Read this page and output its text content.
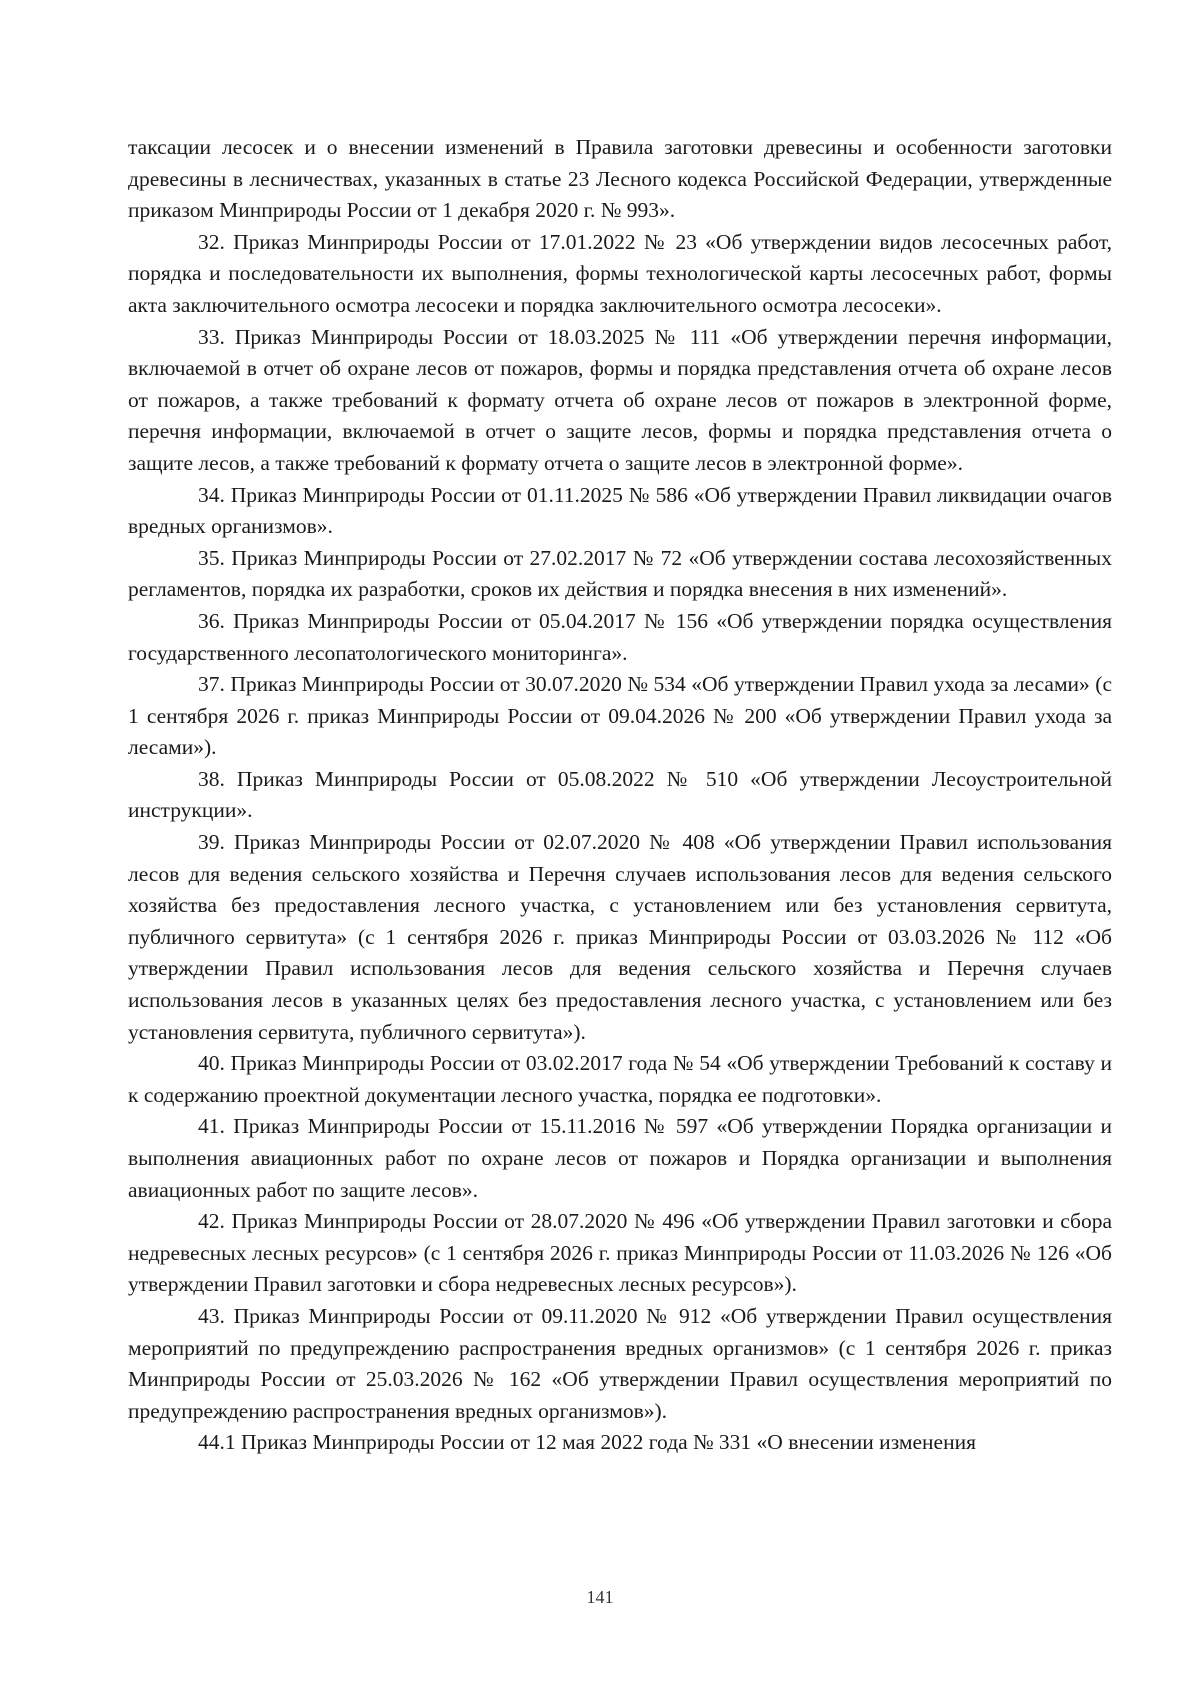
таксации лесосек и о внесении изменений в Правила заготовки древесины и особенности заготовки древесины в лесничествах, указанных в статье 23 Лесного кодекса Российской Федерации, утвержденные приказом Минприроды России от 1 декабря 2020 г. № 993».

32. Приказ Минприроды России от 17.01.2022 № 23 «Об утверждении видов лесосечных работ, порядка и последовательности их выполнения, формы технологической карты лесосечных работ, формы акта заключительного осмотра лесосеки и порядка заключительного осмотра лесосеки».

33. Приказ Минприроды России от 18.03.2025 № 111 «Об утверждении перечня информации, включаемой в отчет об охране лесов от пожаров, формы и порядка представления отчета об охране лесов от пожаров, а также требований к формату отчета об охране лесов от пожаров в электронной форме, перечня информации, включаемой в отчет о защите лесов, формы и порядка представления отчета о защите лесов, а также требований к формату отчета о защите лесов в электронной форме».

34. Приказ Минприроды России от 01.11.2025 № 586 «Об утверждении Правил ликвидации очагов вредных организмов».

35. Приказ Минприроды России от 27.02.2017 № 72 «Об утверждении состава лесохозяйственных регламентов, порядка их разработки, сроков их действия и порядка внесения в них изменений».

36. Приказ Минприроды России от 05.04.2017 № 156 «Об утверждении порядка осуществления государственного лесопатологического мониторинга».

37. Приказ Минприроды России от 30.07.2020 № 534 «Об утверждении Правил ухода за лесами» (с 1 сентября 2026 г. приказ Минприроды России от 09.04.2026 № 200 «Об утверждении Правил ухода за лесами»).

38. Приказ Минприроды России от 05.08.2022 № 510 «Об утверждении Лесоустроительной инструкции».

39. Приказ Минприроды России от 02.07.2020 № 408 «Об утверждении Правил использования лесов для ведения сельского хозяйства и Перечня случаев использования лесов для ведения сельского хозяйства без предоставления лесного участка, с установлением или без установления сервитута, публичного сервитута» (с 1 сентября 2026 г. приказ Минприроды России от 03.03.2026 № 112 «Об утверждении Правил использования лесов для ведения сельского хозяйства и Перечня случаев использования лесов в указанных целях без предоставления лесного участка, с установлением или без установления сервитута, публичного сервитута»).

40. Приказ Минприроды России от 03.02.2017 года № 54 «Об утверждении Требований к составу и к содержанию проектной документации лесного участка, порядка ее подготовки».

41. Приказ Минприроды России от 15.11.2016 № 597 «Об утверждении Порядка организации и выполнения авиационных работ по охране лесов от пожаров и Порядка организации и выполнения авиационных работ по защите лесов».

42. Приказ Минприроды России от 28.07.2020 № 496 «Об утверждении Правил заготовки и сбора недревесных лесных ресурсов» (с 1 сентября 2026 г. приказ Минприроды России от 11.03.2026 № 126 «Об утверждении Правил заготовки и сбора недревесных лесных ресурсов»).

43. Приказ Минприроды России от 09.11.2020 № 912 «Об утверждении Правил осуществления мероприятий по предупреждению распространения вредных организмов» (с 1 сентября 2026 г. приказ Минприроды России от 25.03.2026 № 162 «Об утверждении Правил осуществления мероприятий по предупреждению распространения вредных организмов»).

44.1 Приказ Минприроды России от 12 мая 2022 года № 331 «О внесении изменения

141
